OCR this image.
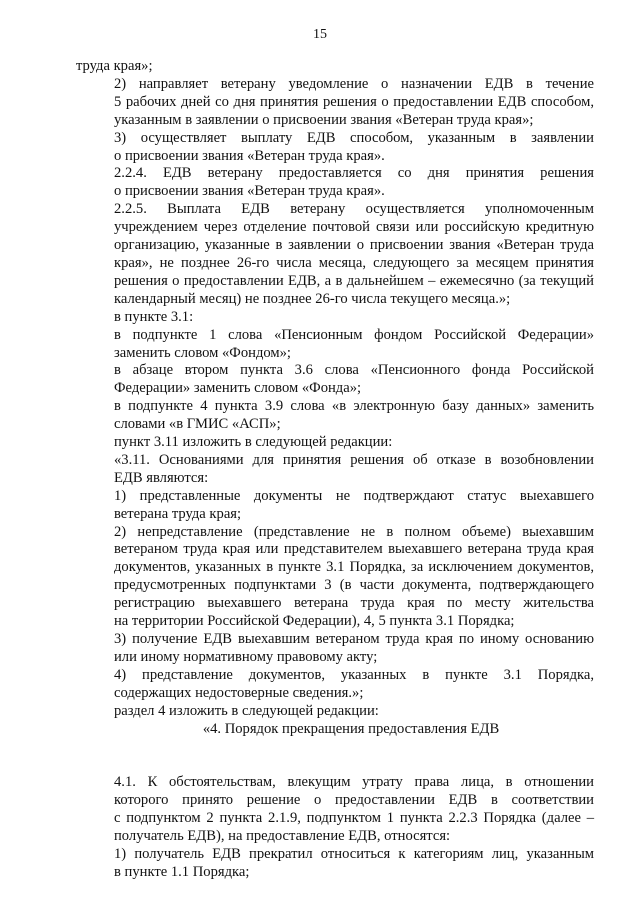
15

труда края»;

2) направляет ветерану уведомление о назначении ЕДВ в течение
5 рабочих дней со дня принятия решения о предоставлении ЕДВ способом,
указанным в заявлении о присвоении звания «Ветеран труда края»;

3) осуществляет выплату ЕДВ способом, указанным в заявлении
о присвоении звания «Ветеран труда края».

2.2.4. ЕДВ ветерану предоставляется со дня принятия решения
о присвоении звания «Ветеран труда края».

2.2.5. Выплата ЕДВ ветерану осуществляется уполномоченным
учреждением через отделение почтовой связи или российскую кредитную
организацию, указанные в заявлении о присвоении звания «Ветеран труда
края», не позднее 26-го числа месяца, следующего за месяцем принятия
решения о предоставлении ЕДВ, а в дальнейшем – ежемесячно (за текущий
календарный месяц) не позднее 26-го числа текущего месяца.»;

в пункте 3.1:

в подпункте 1 слова «Пенсионным фондом Российской Федерации»
заменить словом «Фондом»;

в абзаце втором пункта 3.6 слова «Пенсионного фонда Российской
Федерации» заменить словом «Фонда»;

в подпункте 4 пункта 3.9 слова «в электронную базу данных» заменить
словами «в ГМИС «АСП»;

пункт 3.11 изложить в следующей редакции:

«3.11. Основаниями для принятия решения об отказе в возобновлении
ЕДВ являются:

1) представленные документы не подтверждают статус выехавшего
ветерана труда края;

2) непредставление (представление не в полном объеме) выехавшим
ветераном труда края или представителем выехавшего ветерана труда края
документов, указанных в пункте 3.1 Порядка, за исключением документов,
предусмотренных подпунктами 3 (в части документа, подтверждающего
регистрацию выехавшего ветерана труда края по месту жительства
на территории Российской Федерации), 4, 5 пункта 3.1 Порядка;

3) получение ЕДВ выехавшим ветераном труда края по иному основанию
или иному нормативному правовому акту;

4) представление документов, указанных в пункте 3.1 Порядка,
содержащих недостоверные сведения.»;

раздел 4 изложить в следующей редакции:

«4. Порядок прекращения предоставления ЕДВ

4.1. К обстоятельствам, влекущим утрату права лица, в отношении
которого принято решение о предоставлении ЕДВ в соответствии
с подпунктом 2 пункта 2.1.9, подпунктом 1 пункта 2.2.3 Порядка (далее –
получатель ЕДВ), на предоставление ЕДВ, относятся:

1) получатель ЕДВ прекратил относиться к категориям лиц, указанным
в пункте 1.1 Порядка;
